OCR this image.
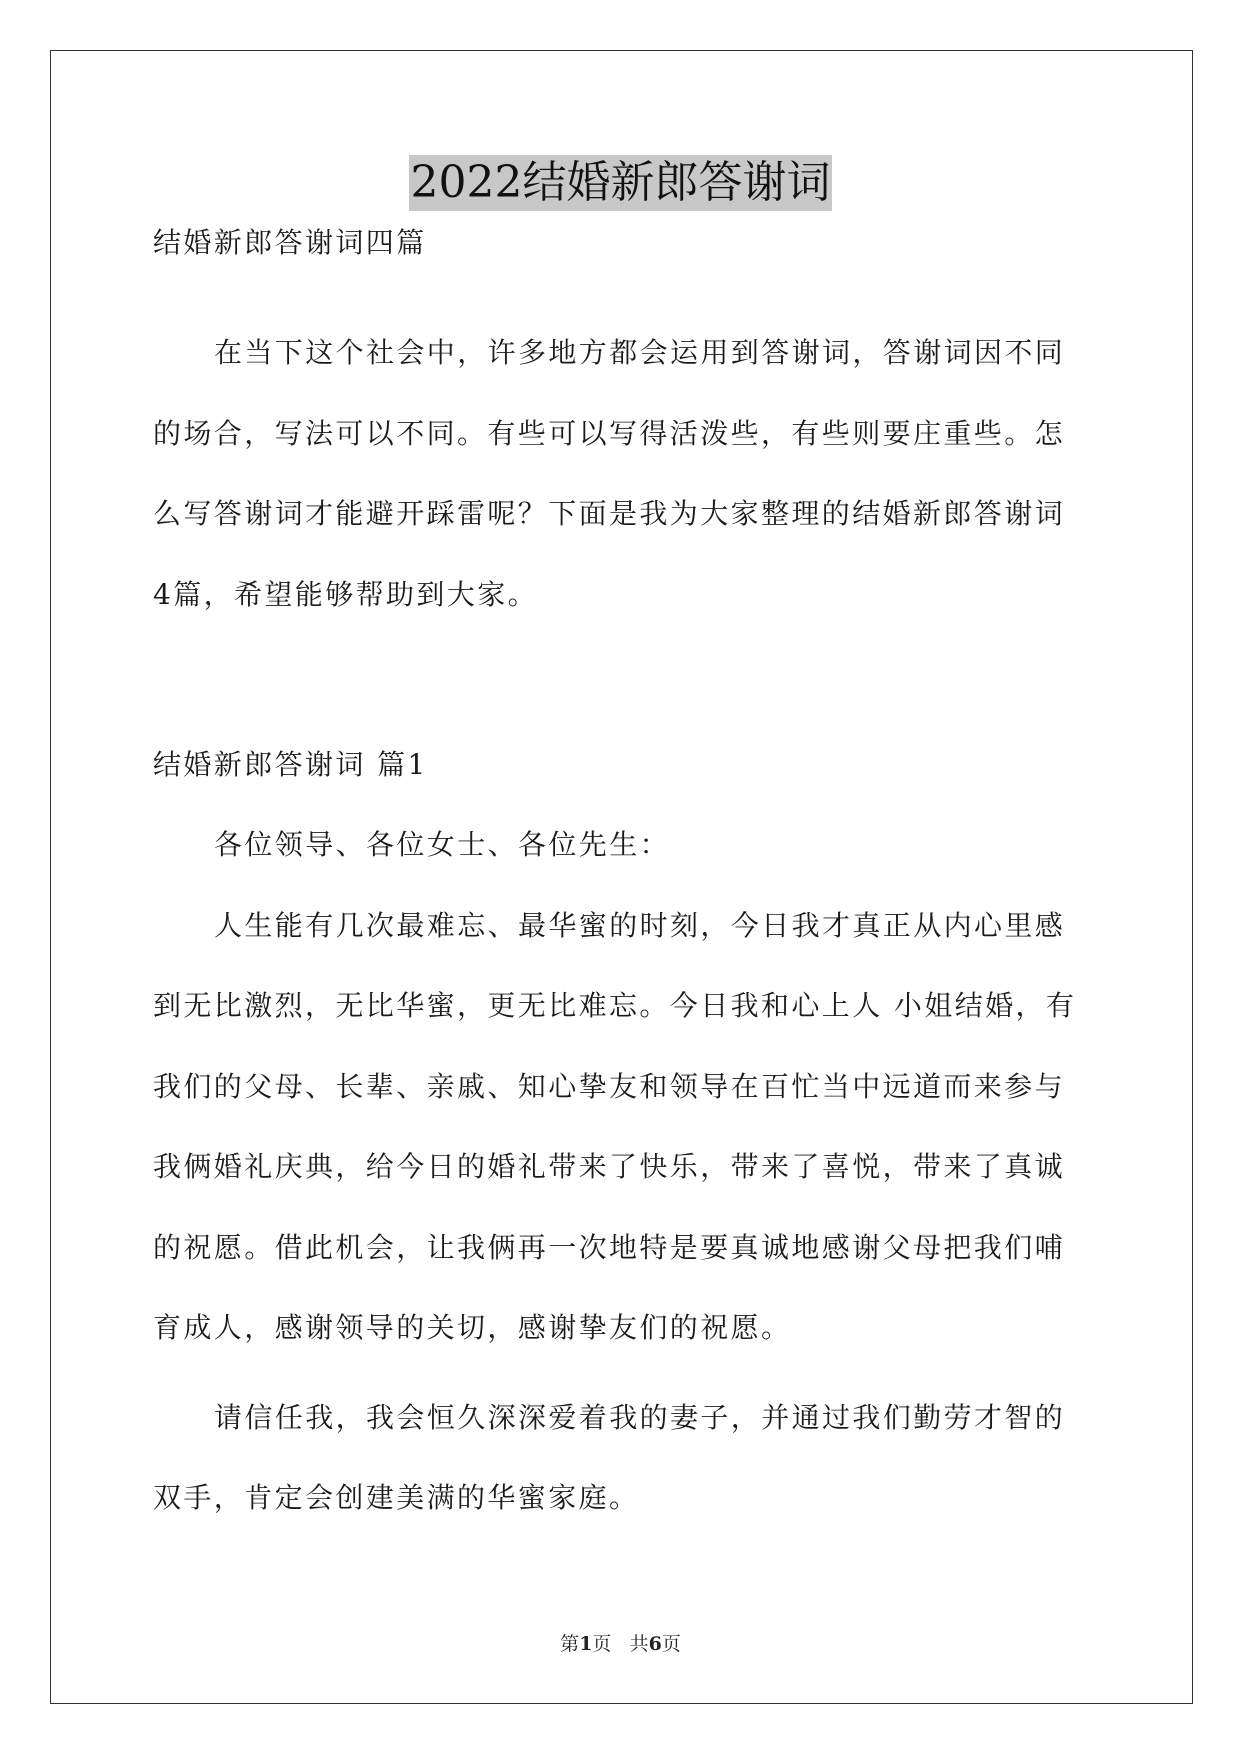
2022结婚新郎答谢词
结婚新郎答谢词四篇
在当下这个社会中，许多地方都会运用到答谢词，答谢词因不同
的场合，写法可以不同。有些可以写得活泼些，有些则要庄重些。怎
么写答谢词才能避开踩雷呢？下面是我为大家整理的结婚新郎答谢词
4篇，希望能够帮助到大家。
结婚新郎答谢词 篇1
各位领导、各位女士、各位先生：
人生能有几次最难忘、最华蜜的时刻，今日我才真正从内心里感
到无比激烈，无比华蜜，更无比难忘。今日我和心上人 小姐结婚，有
我们的父母、长辈、亲戚、知心挚友和领导在百忙当中远道而来参与
我俩婚礼庆典，给今日的婚礼带来了快乐，带来了喜悦，带来了真诚
的祝愿。借此机会，让我俩再一次地特是要真诚地感谢父母把我们哺
育成人，感谢领导的关切，感谢挚友们的祝愿。
请信任我，我会恒久深深爱着我的妻子，并通过我们勤劳才智的
双手，肯定会创建美满的华蜜家庭。
第1页 共6页
